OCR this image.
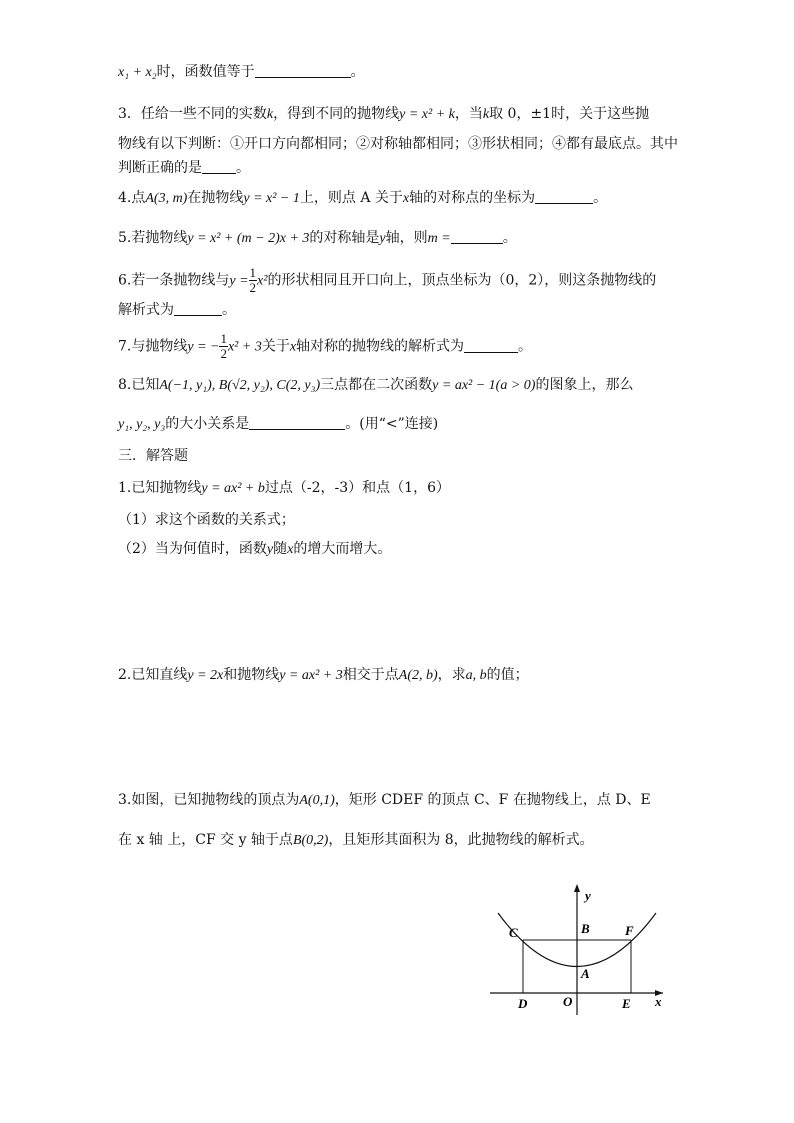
x₁ + x₂时，函数值等于	。
3．任给一些不同的实数k，得到不同的抛物线y = x² + k，当k取 0，±1时，关于这些抛
物线有以下判断：①开口方向都相同；②对称轴都相同；③形状相同；④都有最底点。其中
判断正确的是 。
4.点A(3, m)在抛物线y = x² − 1上，则点 A 关于x轴的对称点的坐标为	。
5.若抛物线y = x² + (m − 2)x + 3的对称轴是y轴，则m =	。
6.若一条抛物线与$y = \frac{1}{2} x^2$的形状相同且开口向上，顶点坐标为（0，2），则这条抛物线的
解析式为	。
7.与抛物线y = − $\frac{1}{2} x^2 + 3$关于x轴对称的抛物线的解析式为	。
8.已知A(−1, y₁), B(√2, y₂), C(2, y₃)三点都在二次函数y = ax² − 1(a > 0)的图象上，那么
y₁, y₂, y₃的大小关系是	。(用“<”连接)
三．解答题
1.已知抛物线y = ax² + b过点（-2，-3）和点（1，6）
（1）求这个函数的关系式；
（2）当为何值时，函数y随x的增大而增大。
2.已知直线y = 2x和抛物线y = ax² + 3相交于点A(2, b)，求a, b的值；
3.如图，已知抛物线的顶点为A(0,1)，矩形 CDEF 的顶点 C、F 在抛物线上，点 D、E
在 x 轴 上，CF 交 y 轴于点B(0,2)，且矩形其面积为 8，此抛物线的解析式。
C	B	F
A
D	O	E x
y
